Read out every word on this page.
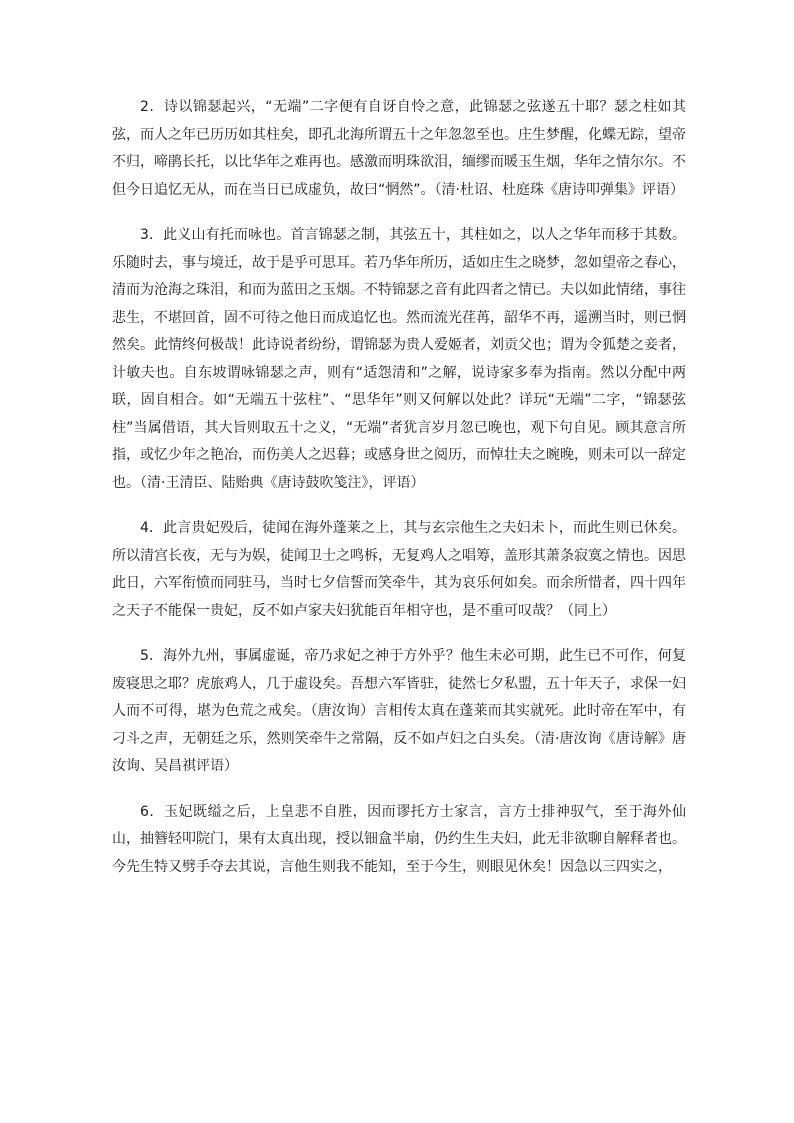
2．诗以锦瑟起兴，“无端”二字便有自讶自怜之意，此锦瑟之弦遂五十耶？瑟之柱如其弦，而人之年已历历如其柱矣，即孔北海所谓五十之年忽忽至也。庄生梦醒，化蝶无踪，望帝不归，啼鹃长托，以比华年之难再也。感激而明珠欲泪，缅缪而暖玉生烟，华年之情尔尔。不但今日追忆无从，而在当日已成虚负，故曰“惘然”。（清·杜诏、杜庭珠《唐诗叩弹集》评语）

3．此义山有托而咏也。首言锦瑟之制，其弦五十，其柱如之，以人之华年而移于其数。乐随时去，事与境迁，故于是乎可思耳。若乃华年所历，适如庄生之晓梦，忽如望帝之春心，清而为沧海之珠泪，和而为蓝田之玉烟。不特锦瑟之音有此四者之情已。夫以如此情绪，事往悲生，不堪回首，固不可待之他日而成追忆也。然而流光荏苒，韶华不再，遥溯当时，则已惘然矣。此情终何极哉！此诗说者纷纷，谓锦瑟为贵人爱姬者，刘贡父也；谓为令狐楚之妾者，计敏夫也。自东坡谓咏锦瑟之声，则有“适怨清和”之解，说诗家多奉为指南。然以分配中两联，固自相合。如“无端五十弦柱”、“思华年”则又何解以处此？详玩“无端”二字，“锦瑟弦柱”当属借语，其大旨则取五十之义，“无端”者犹言岁月忽已晚也，观下句自见。顾其意言所指，或忆少年之艳冶，而伤美人之迟暮；或感身世之阅历，而悼壮夫之晼晚，则未可以一辞定也。（清·王清臣、陆贻典《唐诗鼓吹笺注》，评语）

4．此言贵妃殁后，徒闻在海外蓬莱之上，其与玄宗他生之夫妇未卜，而此生则已休矣。所以清宫长夜，无与为娱，徒闻卫士之鸣柝，无复鸡人之唱筹，盖形其萧条寂寞之情也。因思此日，六军衔愤而同驻马，当时七夕信誓而笑牵牛，其为哀乐何如矣。而余所惜者，四十四年之天子不能保一贵妃，反不如卢家夫妇犹能百年相守也，是不重可叹哉？（同上）

5．海外九州，事属虚诞，帝乃求妃之神于方外乎？他生未必可期，此生已不可作，何复废寝思之耶？虎旅鸡人，几于虚设矣。吾想六军皆驻，徒然七夕私盟，五十年天子，求保一妇人而不可得，堪为色荒之戒矣。（唐汝询）言相传太真在蓬莱而其实就死。此时帝在军中，有刁斗之声，无朝廷之乐，然则笑牵牛之常隔，反不如卢妇之白头矣。（清·唐汝询《唐诗解》唐汝询、吴昌祺评语）

6．玉妃既缢之后，上皇悲不自胜，因而谬托方士家言，言方士排神驭气，至于海外仙山，抽簪轻叩院门，果有太真出现，授以钿盒半扇，仍约生生夫妇，此无非欲聊自解释者也。今先生特又劈手夺去其说，言他生则我不能知，至于今生，则眼见休矣！因急以三四实之，
